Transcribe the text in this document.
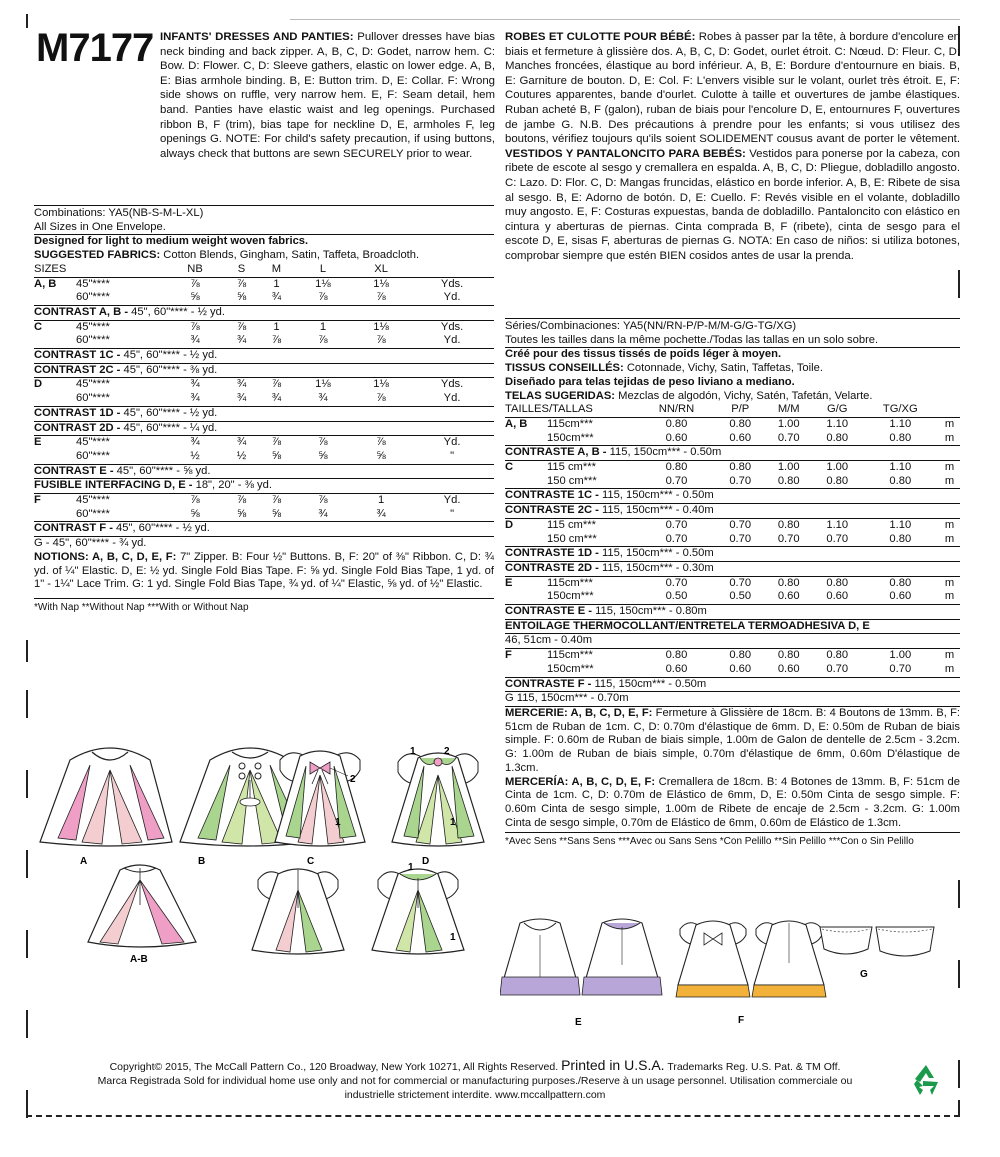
M7177 INFANTS' DRESSES AND PANTIES: Pullover dresses have bias neck binding and back zipper. A, B, C, D: Godet, narrow hem. C: Bow. D: Flower. C, D: Sleeve gathers, elastic on lower edge. A, B, E: Bias armhole binding. B, E: Button trim. D, E: Collar. F: Wrong side shows on ruffle, very narrow hem. E, F: Seam detail, hem band. Panties have elastic waist and leg openings. Purchased ribbon B, F (trim), bias tape for neckline D, E, armholes F, leg openings G. NOTE: For child's safety precaution, if using buttons, always check that buttons are sewn SECURELY prior to wear.
ROBES ET CULOTTE POUR BÉBÉ: Robes à passer par la tête, à bordure d'encolure en biais et fermeture à glissière dos. A, B, C, D: Godet, ourlet étroit. C: Nœud. D: Fleur. C, D: Manches froncées, élastique au bord inférieur. A, B, E: Bordure d'entournure en biais. B, E: Garniture de bouton. D, E: Col. F: L'envers visible sur le volant, ourlet très étroit. E, F: Coutures apparentes, bande d'ourlet. Culotte à taille et ouvertures de jambe élastiques. Ruban acheté B, F (galon), ruban de biais pour l'encolure D, E, entournures F, ouvertures de jambe G. N.B. Des précautions à prendre pour les enfants; si vous utilisez des boutons, vérifiez toujours qu'ils soient SOLIDEMENT cousus avant de porter le vêtement. VESTIDOS Y PANTALONCITO PARA BEBÉS: Vestidos para ponerse por la cabeza, con ribete de escote al sesgo y cremallera en espalda. A, B, C, D: Pliegue, dobladillo angosto. C: Lazo. D: Flor. C, D: Mangas fruncidas, elástico en borde inferior. A, B, E: Ribete de sisa al sesgo. B, E: Adorno de botón. D, E: Cuello. F: Revés visible en el volante, dobladillo muy angosto. E, F: Costuras expuestas, banda de dobladillo. Pantaloncito con elástico en cintura y aberturas de piernas. Cinta comprada B, F (ribete), cinta de sesgo para el escote D, E, sisas F, aberturas de piernas G. NOTA: En caso de niños: si utiliza botones, comprobar siempre que estén BIEN cosidos antes de usar la prenda.
Combinations: YA5(NB-S-M-L-XL)
All Sizes in One Envelope.
Designed for light to medium weight woven fabrics.
SUGGESTED FABRICS: Cotton Blends, Gingham, Satin, Taffeta, Broadcloth.
SIZES		NB	S	M	L	XL	
A, B	45"****	⅞	⅞	1	1⅛	1⅛	Yds.
	60"****	⅝	⅝	¾	⅞	⅞	Yd.
CONTRAST A, B - 45", 60"**** - ½ yd.							
C	45"****	⅞	⅞	1	1	1⅛	Yds.
	60"****	¾	¾	⅞	⅞	⅞	Yd.
CONTRAST 1C - 45", 60"**** - ½ yd.							
CONTRAST 2C - 45", 60"**** - ⅜ yd.							
D	45"****	¾	¾	⅞	1⅛	1⅛	Yds.
	60"****	¾	¾	¾	¾	⅞	Yd.
CONTRAST 1D - 45", 60"**** - ½ yd.							
CONTRAST 2D - 45", 60"**** - ¼ yd.							
E	45"****	¾	¾	⅞	⅞	⅞	Yd.
	60"****	½	½	⅝	⅝	⅝	"
CONTRAST E - 45", 60"**** - ⅝ yd.							
FUSIBLE INTERFACING D, E - 18", 20" - ⅜ yd.							
F	45"****	⅞	⅞	⅞	⅞	1	Yd.
	60"****	⅝	⅝	⅝	¾	¾	"
CONTRAST F - 45", 60"**** - ½ yd.							
G - 45", 60"**** - ¾ yd.							
NOTIONS: A, B, C, D, E, F: 7" Zipper. B: Four ½" Buttons. B, F: 20" of ⅜" Ribbon. C, D: ¾ yd. of ¼" Elastic. D, E: ½ yd. Single Fold Bias Tape. F: ⅝ yd. Single Fold Bias Tape, 1 yd. of 1" - 1¼" Lace Trim. G: 1 yd. Single Fold Bias Tape, ¾ yd. of ¼" Elastic, ⅝ yd. of ½" Elastic.
*With Nap **Without Nap ***With or Without Nap
Séries/Combinaciones: YA5(NN/RN-P/P-M/M-G/G-TG/XG)
Toutes les tailles dans la même pochette./Todas las tallas en un solo sobre.
Créé pour des tissus tissés de poids léger à moyen.
TISSUS CONSEILLÉS: Cotonnade, Vichy, Satin, Taffetas, Toile.
Diseñado para telas tejidas de peso liviano a mediano.
TELAS SUGERIDAS: Mezclas de algodón, Vichy, Satén, Tafetán, Velarte.
TAILLES/TALLAS		NN/RN	P/P	M/M	G/G	TG/XG	
A, B	115cm***	0.80	0.80	1.00	1.10	1.10	m
	150cm***	0.60	0.60	0.70	0.80	0.80	m
CONTRASTE A, B - 115, 150cm*** - 0.50m							
C	115 cm***	0.80	0.80	1.00	1.00	1.10	m
	150 cm***	0.70	0.70	0.80	0.80	0.80	m
CONTRASTE 1C - 115, 150cm*** - 0.50m							
CONTRASTE 2C - 115, 150cm*** - 0.40m							
D	115 cm***	0.70	0.70	0.80	1.10	1.10	m
	150 cm***	0.70	0.70	0.70	0.70	0.80	m
CONTRASTE 1D - 115, 150cm*** - 0.50m							
CONTRASTE 2D - 115, 150cm*** - 0.30m							
E	115cm***	0.70	0.70	0.80	0.80	0.80	m
	150cm***	0.50	0.50	0.60	0.60	0.60	m
CONTRASTE E - 115, 150cm*** - 0.80m							
ENTOILAGE THERMOCOLLANT/ENTRETELA TERMOADHESIVA D, E							
46, 51cm - 0.40m							
F	115cm***	0.80	0.80	0.80	0.80	1.00	m
	150cm***	0.60	0.60	0.60	0.70	0.70	m
CONTRASTE F - 115, 150cm*** - 0.50m							
G 115, 150cm*** - 0.70m							
MERCERIE: A, B, C, D, E, F: Fermeture à Glissière de 18cm. B: 4 Boutons de 13mm. B, F: 51cm de Ruban de 1cm. C, D: 0.70m d'élastique de 6mm. D, E: 0.50m de Ruban de biais simple. F: 0.60m de Ruban de biais simple, 1.00m de Galon de dentelle de 2.5cm - 3.2cm. G: 1.00m de Ruban de biais simple, 0.70m d'élastique de 6mm, 0.60m D'élastique de 1.3cm.
MERCERÍA: A, B, C, D, E, F: Cremallera de 18cm. B: 4 Botones de 13mm. B, F: 51cm de Cinta de 1cm. C, D: 0.70m de Elástico de 6mm, D, E: 0.50m Cinta de sesgo simple. F: 0.60m Cinta de sesgo simple, 1.00m de Ribete de encaje de 2.5cm - 3.2cm. G: 1.00m Cinta de sesgo simple, 0.70m de Elástico de 6mm, 0.60m de Elástico de 1.3cm.
*Avec Sens **Sans Sens ***Avec ou Sans Sens *Con Pelillo **Sin Pelillo ***Con o Sin Pelillo
A	B
2
1
C
1	2
1
D
A-B
1
1
E	F
G
Copyright© 2015, The McCall Pattern Co., 120 Broadway, New York 10271, All Rights Reserved. Printed in U.S.A. Trademarks Reg. U.S. Pat. & TM Off.
Marca Registrada Sold for individual home use only and not for commercial or manufacturing purposes./Reserve à un usage personnel. Utilisation commerciale ou
industrielle strictement interdite. www.mccallpattern.com
